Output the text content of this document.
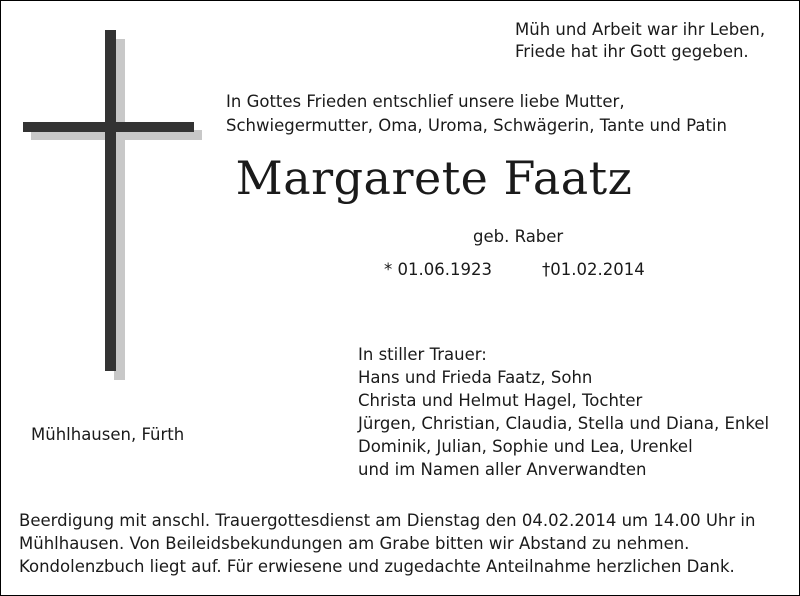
Müh und Arbeit war ihr Leben,
Friede hat ihr Gott gegeben.
In Gottes Frieden entschlief unsere liebe Mutter,
Schwiegermutter, Oma, Uroma, Schwägerin, Tante und Patin
Margarete Faatz
geb. Raber
* 01.06.1923	†01.02.2014
In stiller Trauer:
Hans und Frieda Faatz, Sohn
Christa und Helmut Hagel, Tochter
Jürgen, Christian, Claudia, Stella und Diana, Enkel
Dominik, Julian, Sophie und Lea, Urenkel
und im Namen aller Anverwandten
Mühlhausen, Fürth
Beerdigung mit anschl. Trauergottesdienst am Dienstag den 04.02.2014 um 14.00 Uhr in
Mühlhausen. Von Beileidsbekundungen am Grabe bitten wir Abstand zu nehmen.
Kondolenzbuch liegt auf. Für erwiesene und zugedachte Anteilnahme herzlichen Dank.
